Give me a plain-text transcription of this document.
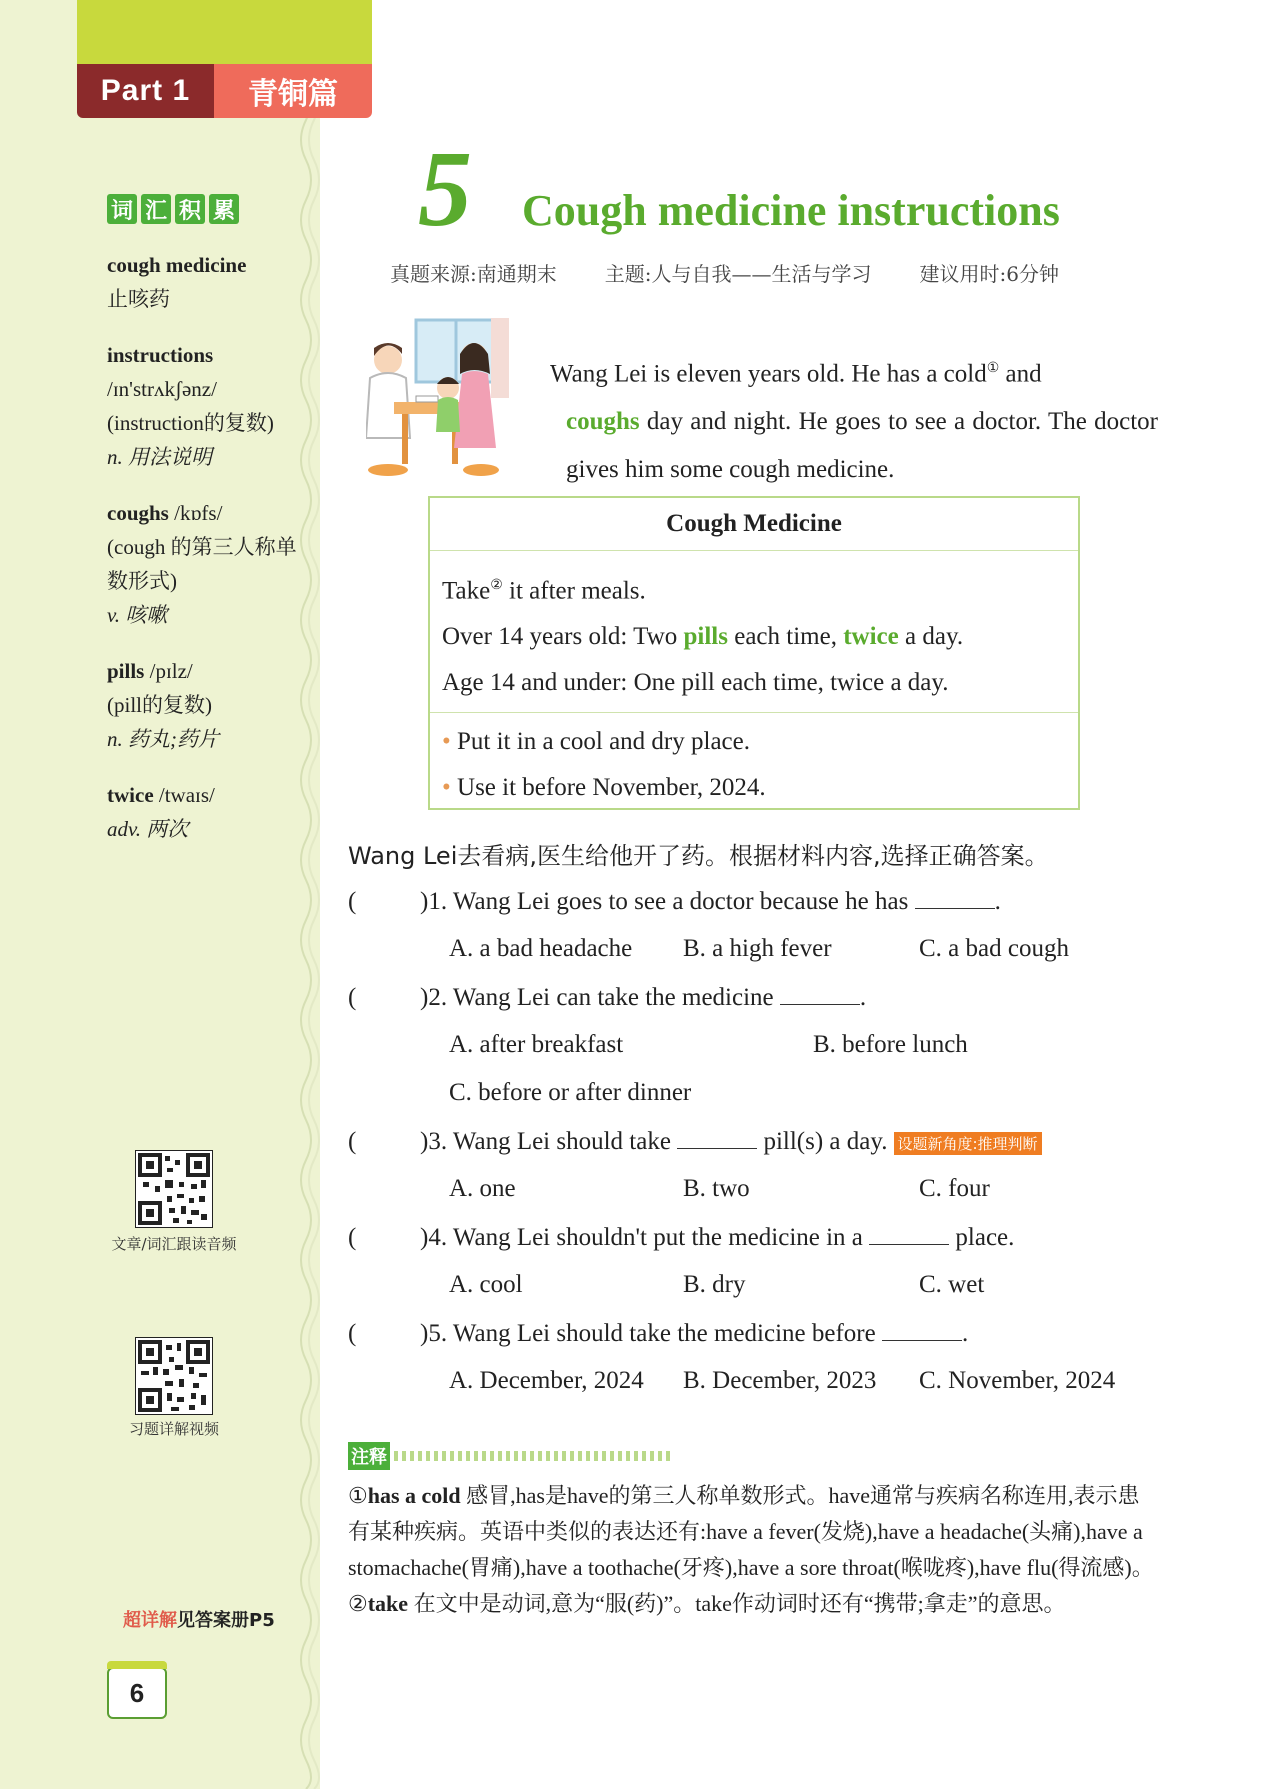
Part 1	青铜篇
词 汇 积 累
cough medicine
止咳药
instructions
/ɪn'strʌkʃənz/
(instruction的复数)
n. 用法说明
coughs /kɒfs/
(cough 的第三人称单数形式)
v. 咳嗽
pills /pɪlz/
(pill的复数)
n. 药丸;药片
twice /twaɪs/
adv. 两次
文章/词汇跟读音频
习题详解视频
超详解见答案册P5
6
5 Cough medicine instructions
真题来源:南通期末 主题:人与自我——生活与学习 建议用时:6分钟
Wang Lei is eleven years old. He has a cold① and
coughs day and night. He goes to see a doctor. The doctor gives him some cough medicine.
Cough Medicine
Take② it after meals.
Over 14 years old: Two pills each time, twice a day.
Age 14 and under: One pill each time, twice a day.
• Put it in a cool and dry place.
• Use it before November, 2024.
Wang Lei去看病,医生给他开了药。根据材料内容,选择正确答案。
(	)1. Wang Lei goes to see a doctor because he has	.
A. a bad headache B. a high fever	C. a bad cough
(	)2. Wang Lei can take the medicine	.
A. after breakfast	B. before lunch
C. before or after dinner
(	)3. Wang Lei should take	pill(s) a day. 设题新角度:推理判断
A. one	B. two	C. four
(	)4. Wang Lei shouldn't put the medicine in a	place.
A. cool	B. dry	C. wet
(	)5. Wang Lei should take the medicine before	.
A. December, 2024 B. December, 2023 C. November, 2024
注释

①has a cold 感冒,has是have的第三人称单数形式。have通常与疾病名称连用,表示患有某种疾病。英语中类似的表达还有:have a fever(发烧),have a headache(头痛),have a stomachache(胃痛),have a toothache(牙疼),have a sore throat(喉咙疼),have flu(得流感)。

②take 在文中是动词,意为“服(药)”。take作动词时还有“携带;拿走”的意思。
